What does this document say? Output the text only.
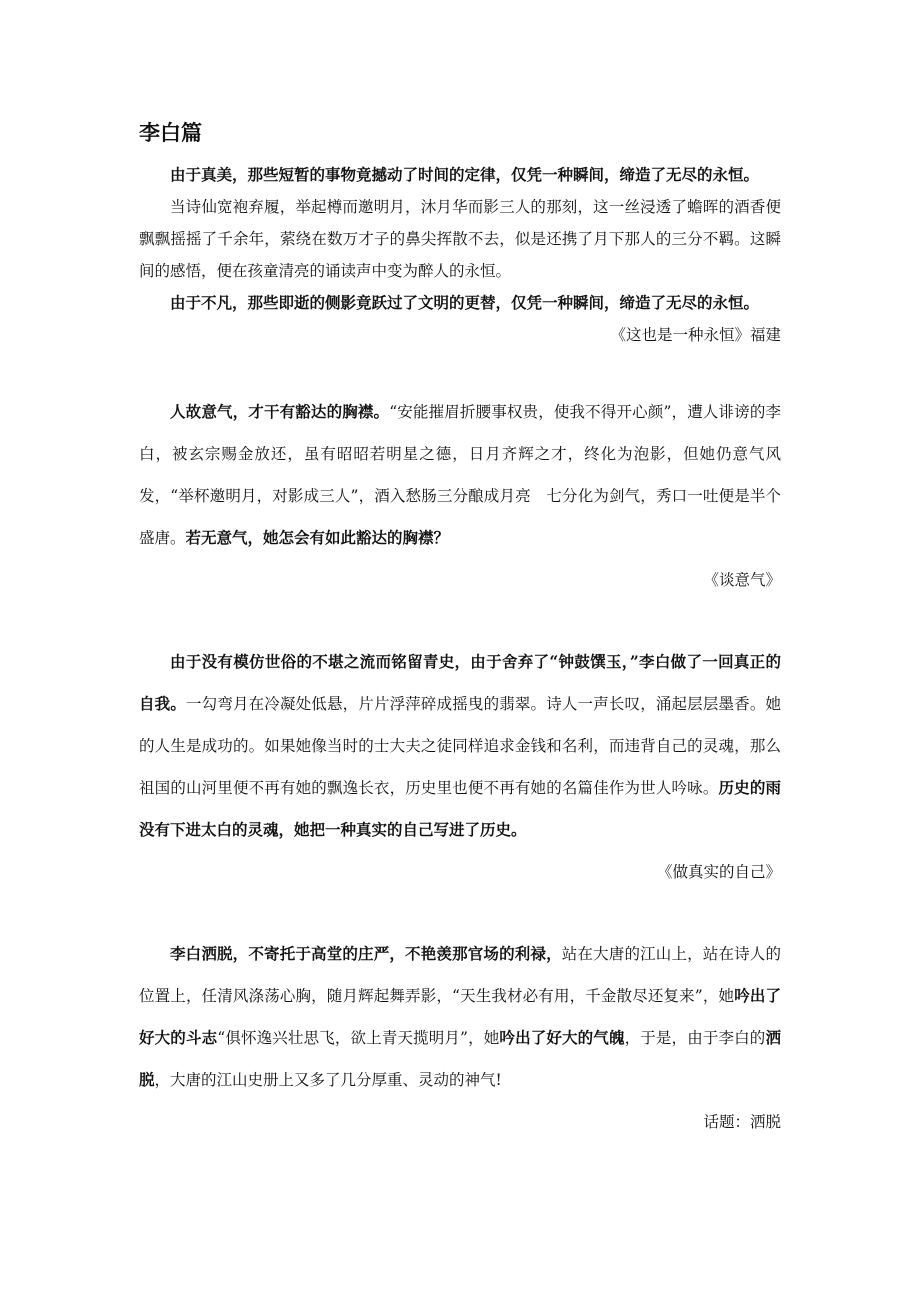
李白篇

由于真美，那些短暂的事物竟撼动了时间的定律，仅凭一种瞬间，缔造了无尽的永恒。

当诗仙宽袍弃履，举起樽而邀明月，沐月华而影三人的那刻，这一丝浸透了蟾晖的酒香便飘飘摇摇了千余年，萦绕在数万才子的鼻尖挥散不去，似是还携了月下那人的三分不羁。这瞬间的感悟，便在孩童清亮的诵读声中变为醉人的永恒。

由于不凡，那些即逝的侧影竟跃过了文明的更替，仅凭一种瞬间，缔造了无尽的永恒。

《这也是一种永恒》福建

人故意气，才干有豁达的胸襟。“安能摧眉折腰事权贵，使我不得开心颜”，遭人诽谤的李白，被玄宗赐金放还，虽有昭昭若明星之德，日月齐辉之才，终化为泡影，但她仍意气风发，“举杯邀明月，对影成三人”，酒入愁肠三分酿成月亮　七分化为剑气，秀口一吐便是半个盛唐。若无意气，她怎会有如此豁达的胸襟？

《谈意气》

由于没有模仿世俗的不堪之流而铭留青史，由于舍弃了“钟鼓馔玉，”李白做了一回真正的自我。一勾弯月在冷凝处低悬，片片浮萍碎成摇曳的翡翠。诗人一声长叹，涌起层层墨香。她的人生是成功的。如果她像当时的士大夫之徒同样追求金钱和名利，而违背自己的灵魂，那么祖国的山河里便不再有她的飘逸长衣，历史里也便不再有她的名篇佳作为世人吟咏。历史的雨没有下进太白的灵魂，她把一种真实的自己写进了历史。

《做真实的自己》

李白洒脱，不寄托于高堂的庄严，不艳羡那官场的利禄，站在大唐的江山上，站在诗人的位置上，任清风涤荡心胸，随月辉起舞弄影，“天生我材必有用，千金散尽还复来”，她吟出了好大的斗志“俱怀逸兴壮思飞，欲上青天揽明月”，她吟出了好大的气魄，于是，由于李白的洒脱，大唐的江山史册上又多了几分厚重、灵动的神气!

话题：洒脱
